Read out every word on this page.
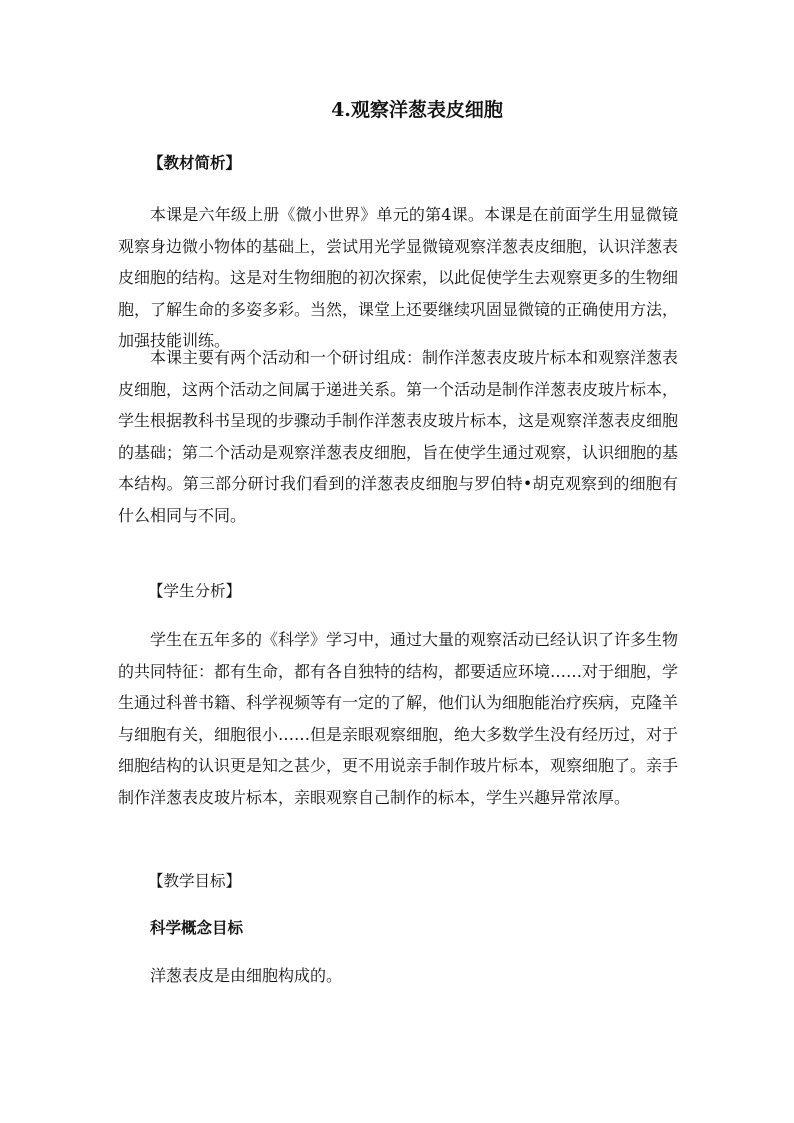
4.观察洋葱表皮细胞
【教材简析】
本课是六年级上册《微小世界》单元的第4课。本课是在前面学生用显微镜观察身边微小物体的基础上，尝试用光学显微镜观察洋葱表皮细胞，认识洋葱表皮细胞的结构。这是对生物细胞的初次探索，以此促使学生去观察更多的生物细胞，了解生命的多姿多彩。当然，课堂上还要继续巩固显微镜的正确使用方法，加强技能训练。
本课主要有两个活动和一个研讨组成：制作洋葱表皮玻片标本和观察洋葱表皮细胞，这两个活动之间属于递进关系。第一个活动是制作洋葱表皮玻片标本，学生根据教科书呈现的步骤动手制作洋葱表皮玻片标本，这是观察洋葱表皮细胞的基础；第二个活动是观察洋葱表皮细胞，旨在使学生通过观察，认识细胞的基本结构。第三部分研讨我们看到的洋葱表皮细胞与罗伯特•胡克观察到的细胞有什么相同与不同。
【学生分析】
学生在五年多的《科学》学习中，通过大量的观察活动已经认识了许多生物的共同特征：都有生命，都有各自独特的结构，都要适应环境……对于细胞，学生通过科普书籍、科学视频等有一定的了解，他们认为细胞能治疗疾病，克隆羊与细胞有关，细胞很小……但是亲眼观察细胞，绝大多数学生没有经历过，对于细胞结构的认识更是知之甚少，更不用说亲手制作玻片标本，观察细胞了。亲手制作洋葱表皮玻片标本，亲眼观察自己制作的标本，学生兴趣异常浓厚。
【教学目标】
科学概念目标
洋葱表皮是由细胞构成的。
